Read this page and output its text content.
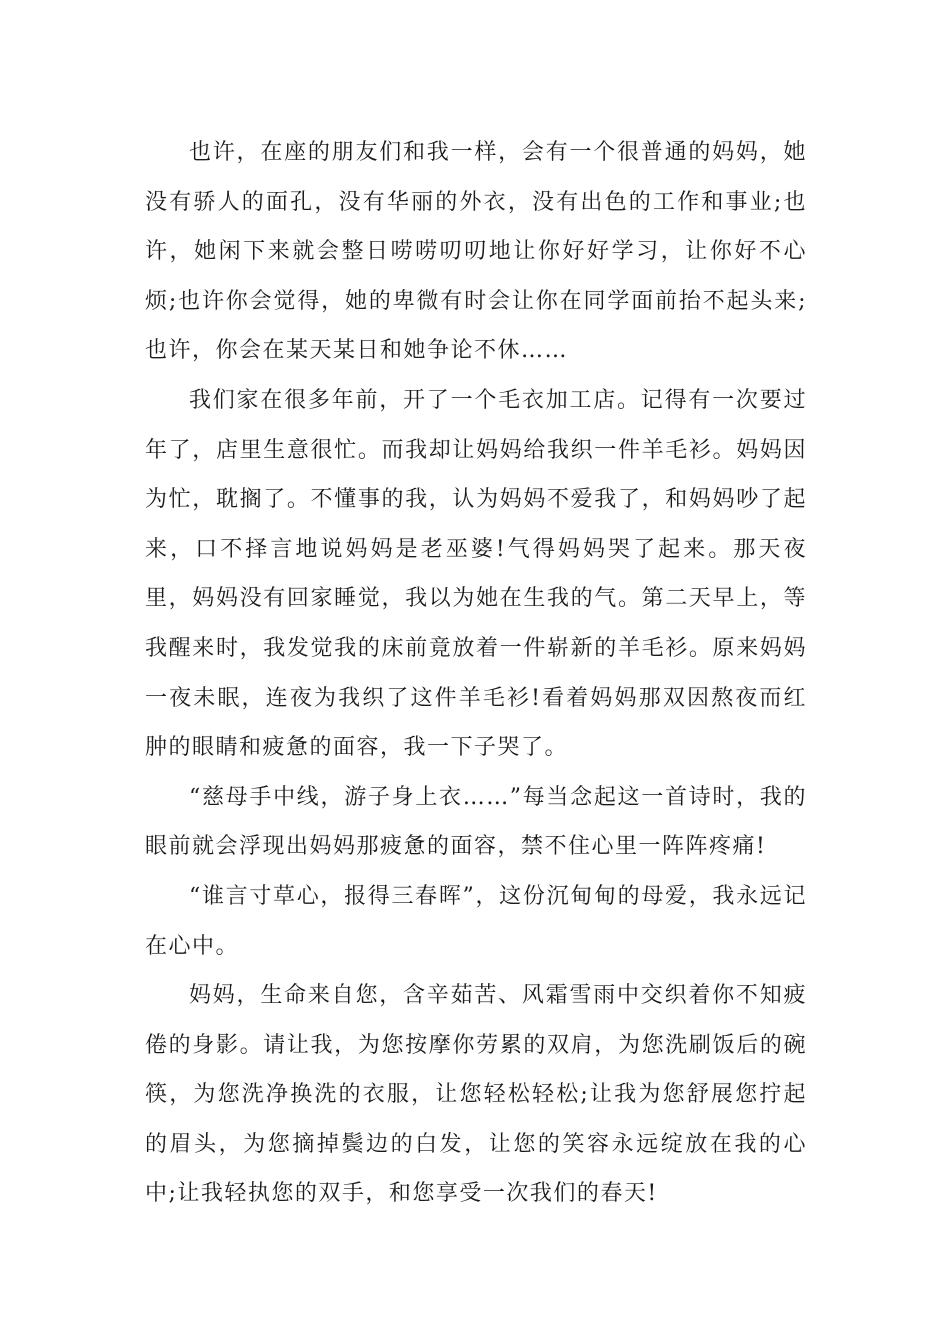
也许，在座的朋友们和我一样，会有一个很普通的妈妈，她没有骄人的面孔，没有华丽的外衣，没有出色的工作和事业;也许，她闲下来就会整日唠唠叨叨地让你好好学习，让你好不心烦;也许你会觉得，她的卑微有时会让你在同学面前抬不起头来;也许，你会在某天某日和她争论不休……

我们家在很多年前，开了一个毛衣加工店。记得有一次要过年了，店里生意很忙。而我却让妈妈给我织一件羊毛衫。妈妈因为忙，耽搁了。不懂事的我，认为妈妈不爱我了，和妈妈吵了起来，口不择言地说妈妈是老巫婆!气得妈妈哭了起来。那天夜里，妈妈没有回家睡觉，我以为她在生我的气。第二天早上，等我醒来时，我发觉我的床前竟放着一件崭新的羊毛衫。原来妈妈一夜未眠，连夜为我织了这件羊毛衫!看着妈妈那双因熬夜而红肿的眼睛和疲惫的面容，我一下子哭了。

“慈母手中线，游子身上衣……”每当念起这一首诗时，我的眼前就会浮现出妈妈那疲惫的面容，禁不住心里一阵阵疼痛!

“谁言寸草心，报得三春晖”，这份沉甸甸的母爱，我永远记在心中。

妈妈，生命来自您，含辛茹苦、风霜雪雨中交织着你不知疲倦的身影。请让我，为您按摩你劳累的双肩，为您洗刷饭后的碗筷，为您洗净换洗的衣服，让您轻松轻松;让我为您舒展您拧起的眉头，为您摘掉鬓边的白发，让您的笑容永远绽放在我的心中;让我轻执您的双手，和您享受一次我们的春天!
